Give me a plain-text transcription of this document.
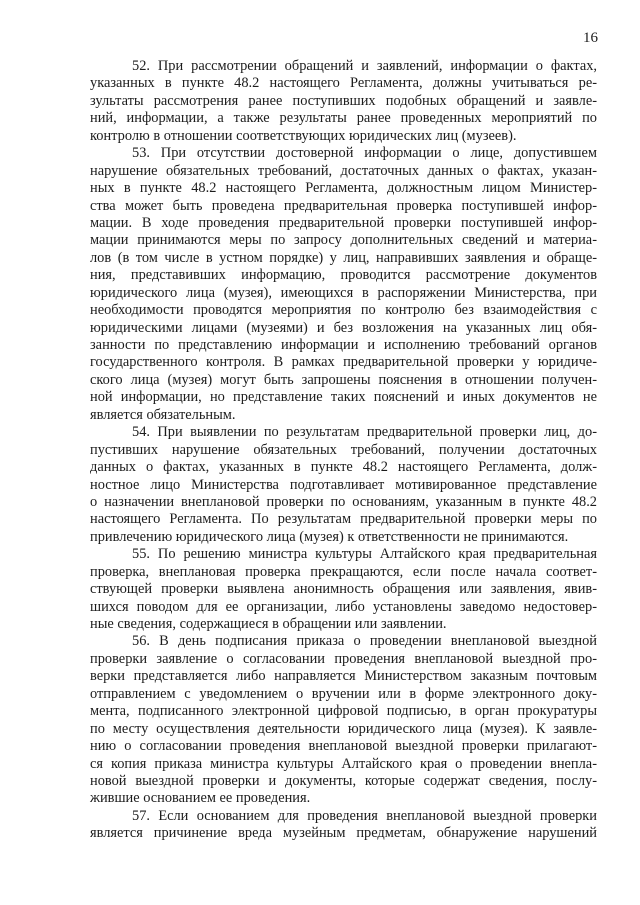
16
52. При рассмотрении обращений и заявлений, информации о фактах,
указанных в пункте 48.2 настоящего Регламента, должны учитываться ре-
зультаты рассмотрения ранее поступивших подобных обращений и заявле-
ний, информации, а также результаты ранее проведенных мероприятий по
контролю в отношении соответствующих юридических лиц (музеев).
53. При отсутствии достоверной информации о лице, допустившем
нарушение обязательных требований, достаточных данных о фактах, указан-
ных в пункте 48.2 настоящего Регламента, должностным лицом Министер-
ства может быть проведена предварительная проверка поступившей инфор-
мации. В ходе проведения предварительной проверки поступившей инфор-
мации принимаются меры по запросу дополнительных сведений и материа-
лов (в том числе в устном порядке) у лиц, направивших заявления и обраще-
ния, представивших информацию, проводится рассмотрение документов
юридического лица (музея), имеющихся в распоряжении Министерства, при
необходимости проводятся мероприятия по контролю без взаимодействия с
юридическими лицами (музеями) и без возложения на указанных лиц обя-
занности по представлению информации и исполнению требований органов
государственного контроля. В рамках предварительной проверки у юридиче-
ского лица (музея) могут быть запрошены пояснения в отношении получен-
ной информации, но представление таких пояснений и иных документов не
является обязательным.
54. При выявлении по результатам предварительной проверки лиц, до-
пустивших нарушение обязательных требований, получении достаточных
данных о фактах, указанных в пункте 48.2 настоящего Регламента, долж-
ностное лицо Министерства подготавливает мотивированное представление
о назначении внеплановой проверки по основаниям, указанным в пункте 48.2
настоящего Регламента. По результатам предварительной проверки меры по
привлечению юридического лица (музея) к ответственности не принимаются.
55. По решению министра культуры Алтайского края предварительная
проверка, внеплановая проверка прекращаются, если после начала соответ-
ствующей проверки выявлена анонимность обращения или заявления, явив-
шихся поводом для ее организации, либо установлены заведомо недостовер-
ные сведения, содержащиеся в обращении или заявлении.
56. В день подписания приказа о проведении внеплановой выездной
проверки заявление о согласовании проведения внеплановой выездной про-
верки представляется либо направляется Министерством заказным почтовым
отправлением с уведомлением о вручении или в форме электронного доку-
мента, подписанного электронной цифровой подписью, в орган прокуратуры
по месту осуществления деятельности юридического лица (музея). К заявле-
нию о согласовании проведения внеплановой выездной проверки прилагают-
ся копия приказа министра культуры Алтайского края о проведении внепла-
новой выездной проверки и документы, которые содержат сведения, послу-
жившие основанием ее проведения.
57. Если основанием для проведения внеплановой выездной проверки
является причинение вреда музейным предметам, обнаружение нарушений
